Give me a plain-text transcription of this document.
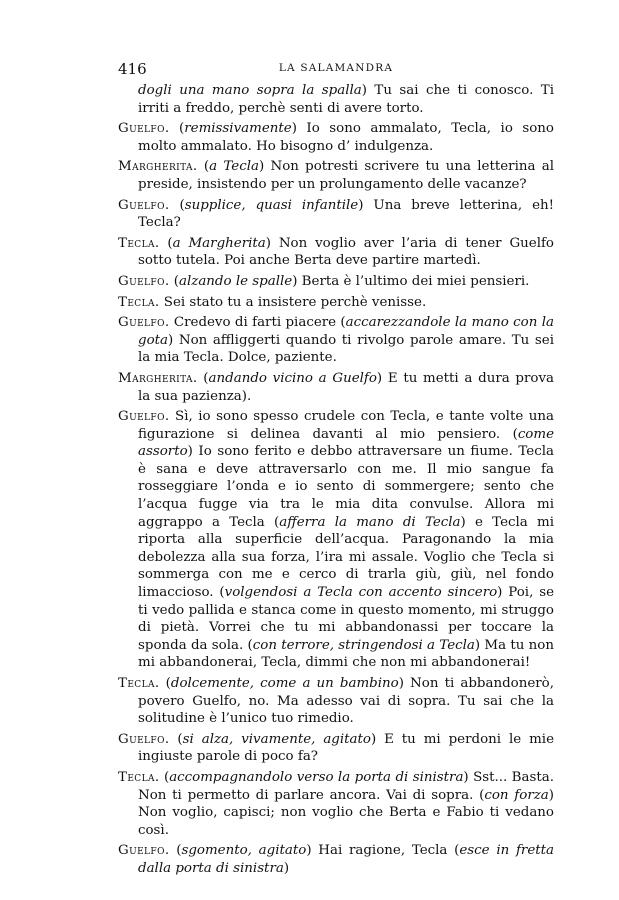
416	LA SALAMANDRA

dogli una mano sopra la spalla) Tu sai che ti conosco. Ti irriti a freddo, perchè senti di avere torto.

Guelfo. (remissivamente) Io sono ammalato, Tecla, io sono molto ammalato. Ho bisogno d’ indulgenza.

Margherita. (a Tecla) Non potresti scrivere tu una letterina al preside, insistendo per un prolungamento delle vacanze?

Guelfo. (supplice, quasi infantile) Una breve letterina, eh! Tecla?

Tecla. (a Margherita) Non voglio aver l’aria di tener Guelfo sotto tutela. Poi anche Berta deve partire martedì.

Guelfo. (alzando le spalle) Berta è l’ultimo dei miei pensieri.

Tecla. Sei stato tu a insistere perchè venisse.

Guelfo. Credevo di farti piacere (accarezzandole la mano con la gota) Non affliggerti quando ti rivolgo parole amare. Tu sei la mia Tecla. Dolce, paziente.

Margherita. (andando vicino a Guelfo) E tu metti a dura prova la sua pazienza).

Guelfo. Sì, io sono spesso crudele con Tecla, e tante volte una figurazione si delinea davanti al mio pensiero. (come assorto) Io sono ferito e debbo attraversare un fiume. Tecla è sana e deve attraversarlo con me. Il mio sangue fa rosseggiare l’onda e io sento di sommergere; sento che l’acqua fugge via tra le mia dita convulse. Allora mi aggrappo a Tecla (afferra la mano di Tecla) e Tecla mi riporta alla superficie dell’acqua. Paragonando la mia debolezza alla sua forza, l’ira mi assale. Voglio che Tecla si sommerga con me e cerco di trarla giù, giù, nel fondo limaccioso. (volgendosi a Tecla con accento sincero) Poi, se ti vedo pallida e stanca come in questo momento, mi struggo di pietà. Vorrei che tu mi abbandonassi per toccare la sponda da sola. (con terrore, stringendosi a Tecla) Ma tu non mi abbandonerai, Tecla, dimmi che non mi abbandonerai!

Tecla. (dolcemente, come a un bambino) Non ti abbandonerò, povero Guelfo, no. Ma adesso vai di sopra. Tu sai che la solitudine è l’unico tuo rimedio.

Guelfo. (si alza, vivamente, agitato) E tu mi perdoni le mie ingiuste parole di poco fa?

Tecla. (accompagnandolo verso la porta di sinistra) Sst... Basta. Non ti permetto di parlare ancora. Vai di sopra. (con forza) Non voglio, capisci; non voglio che Berta e Fabio ti vedano così.

Guelfo. (sgomento, agitato) Hai ragione, Tecla (esce in fretta dalla porta di sinistra)
